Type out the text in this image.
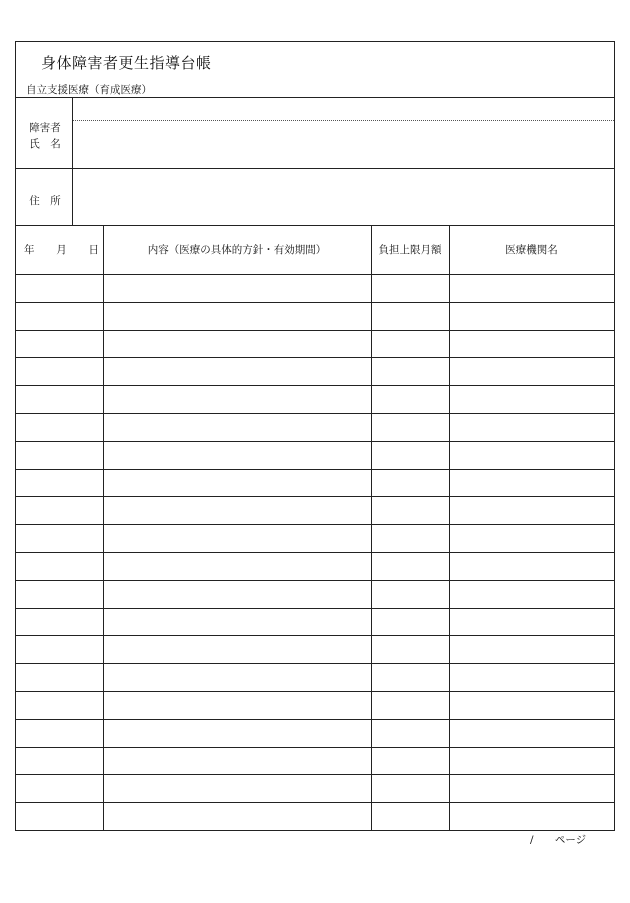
身体障害者更生指導台帳
自立支援医療（育成医療）
障害者
氏　名
住　所
年 月 日	内容（医療の具体的方針・有効期間）	負担上限月額	医療機関名
/ ページ
